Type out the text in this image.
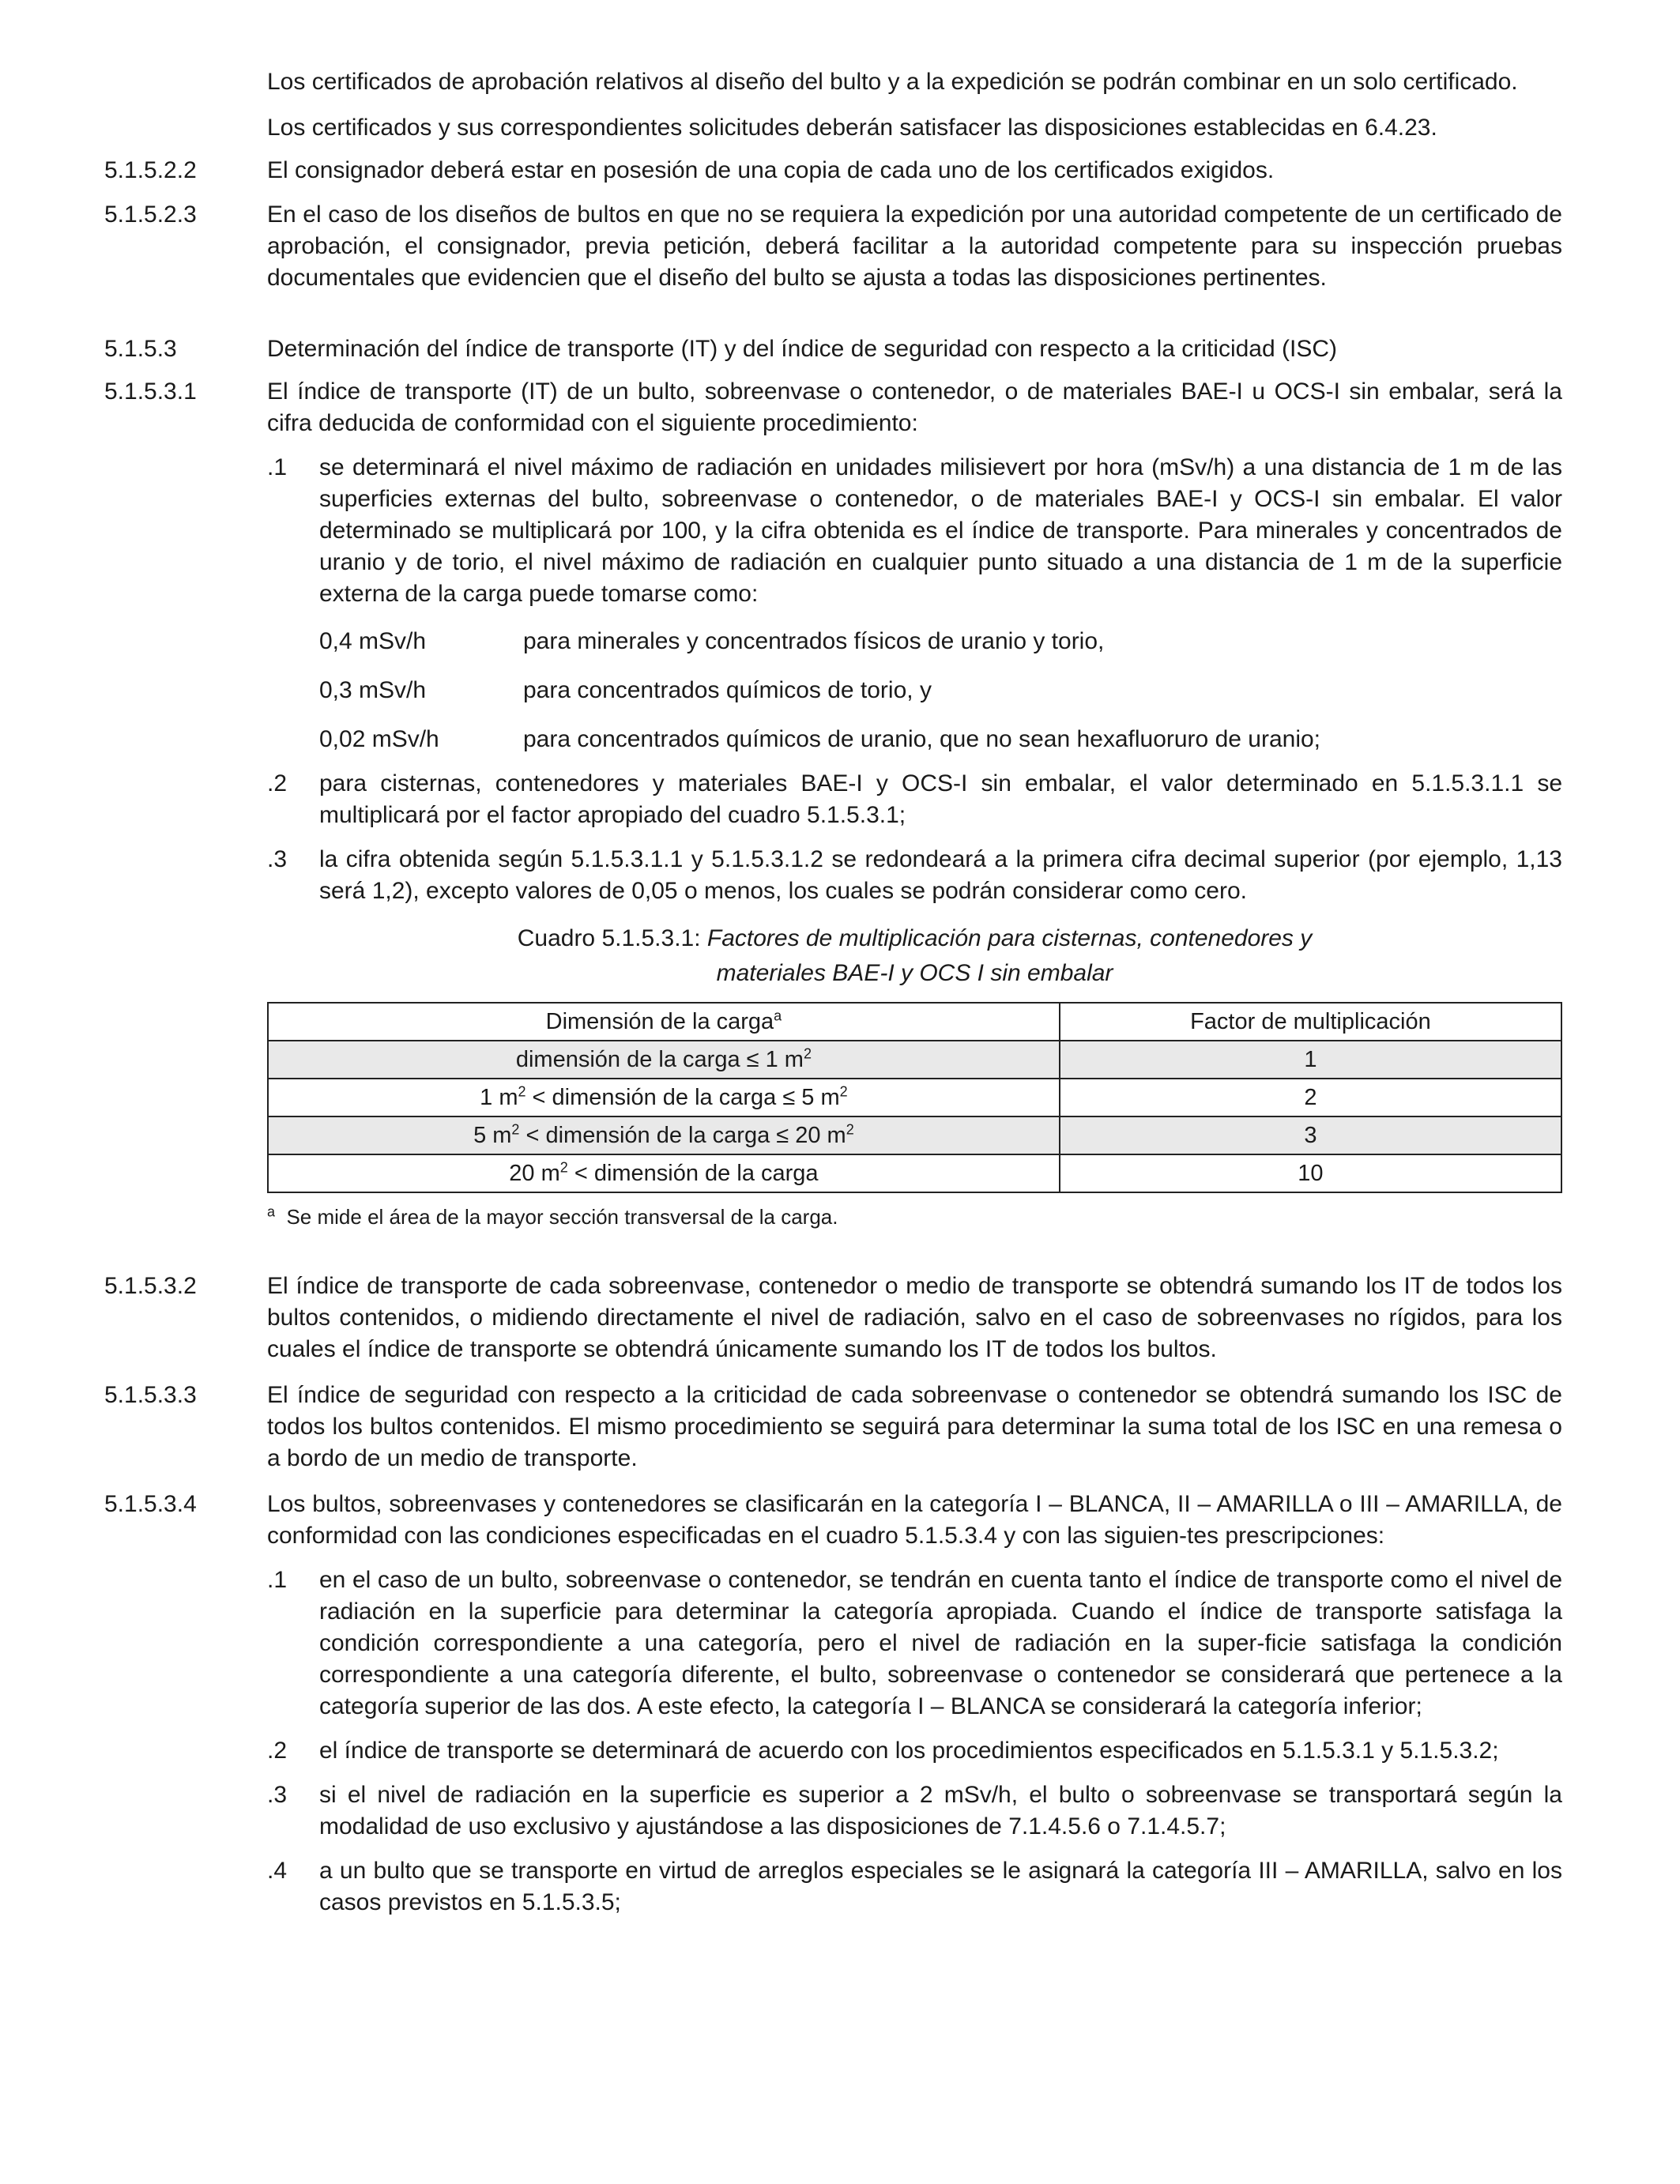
Los certificados de aprobación relativos al diseño del bulto y a la expedición se podrán combinar en un solo certificado.
Los certificados y sus correspondientes solicitudes deberán satisfacer las disposiciones establecidas en 6.4.23.
5.1.5.2.2	El consignador deberá estar en posesión de una copia de cada uno de los certificados exigidos.
5.1.5.2.3	En el caso de los diseños de bultos en que no se requiera la expedición por una autoridad competente de un certificado de aprobación, el consignador, previa petición, deberá facilitar a la autoridad competente para su inspección pruebas documentales que evidencien que el diseño del bulto se ajusta a todas las disposiciones pertinentes.
5.1.5.3	Determinación del índice de transporte (IT) y del índice de seguridad con respecto a la criticidad (ISC)
5.1.5.3.1	El índice de transporte (IT) de un bulto, sobreenvase o contenedor, o de materiales BAE-I u OCS-I sin embalar, será la cifra deducida de conformidad con el siguiente procedimiento:
.1	se determinará el nivel máximo de radiación en unidades milisievert por hora (mSv/h) a una distancia de 1 m de las superficies externas del bulto, sobreenvase o contenedor, o de materiales BAE-I y OCS-I sin embalar. El valor determinado se multiplicará por 100, y la cifra obtenida es el índice de transporte. Para minerales y concentrados de uranio y de torio, el nivel máximo de radiación en cualquier punto situado a una distancia de 1 m de la superficie externa de la carga puede tomarse como:
0,4 mSv/h	para minerales y concentrados físicos de uranio y torio,
0,3 mSv/h	para concentrados químicos de torio, y
0,02 mSv/h	para concentrados químicos de uranio, que no sean hexafluoruro de uranio;
.2	para cisternas, contenedores y materiales BAE-I y OCS-I sin embalar, el valor determinado en 5.1.5.3.1.1 se multiplicará por el factor apropiado del cuadro 5.1.5.3.1;
.3	la cifra obtenida según 5.1.5.3.1.1 y 5.1.5.3.1.2 se redondeará a la primera cifra decimal superior (por ejemplo, 1,13 será 1,2), excepto valores de 0,05 o menos, los cuales se podrán considerar como cero.
Cuadro 5.1.5.3.1: Factores de multiplicación para cisternas, contenedores y
materiales BAE-I y OCS I sin embalar
Dimensión de la carga$^a$	Factor de multiplicación
dimensión de la carga ≤ 1 $m^2$	1
1 $m^2$ < dimensión de la carga ≤ 5 $m^2$	2
5 $m^2$ < dimensión de la carga ≤ 20 $m^2$	3
20 $m^2$ < dimensión de la carga	10
$^a$ Se mide el área de la mayor sección transversal de la carga.
5.1.5.3.2	El índice de transporte de cada sobreenvase, contenedor o medio de transporte se obtendrá sumando los IT de todos los bultos contenidos, o midiendo directamente el nivel de radiación, salvo en el caso de sobreenvases no rígidos, para los cuales el índice de transporte se obtendrá únicamente sumando los IT de todos los bultos.
5.1.5.3.3	El índice de seguridad con respecto a la criticidad de cada sobreenvase o contenedor se obtendrá sumando los ISC de todos los bultos contenidos. El mismo procedimiento se seguirá para determinar la suma total de los ISC en una remesa o a bordo de un medio de transporte.
5.1.5.3.4	Los bultos, sobreenvases y contenedores se clasificarán en la categoría I – BLANCA, II – AMARILLA o III – AMARILLA, de conformidad con las condiciones especificadas en el cuadro 5.1.5.3.4 y con las siguien-tes prescripciones:
.1	en el caso de un bulto, sobreenvase o contenedor, se tendrán en cuenta tanto el índice de transporte como el nivel de radiación en la superficie para determinar la categoría apropiada. Cuando el índice de transporte satisfaga la condición correspondiente a una categoría, pero el nivel de radiación en la super-ficie satisfaga la condición correspondiente a una categoría diferente, el bulto, sobreenvase o contenedor se considerará que pertenece a la categoría superior de las dos. A este efecto, la categoría I – BLANCA se considerará la categoría inferior;
.2	el índice de transporte se determinará de acuerdo con los procedimientos especificados en 5.1.5.3.1 y 5.1.5.3.2;
.3	si el nivel de radiación en la superficie es superior a 2 mSv/h, el bulto o sobreenvase se transportará según la modalidad de uso exclusivo y ajustándose a las disposiciones de 7.1.4.5.6 o 7.1.4.5.7;
.4	a un bulto que se transporte en virtud de arreglos especiales se le asignará la categoría III – AMARILLA, salvo en los casos previstos en 5.1.5.3.5;
